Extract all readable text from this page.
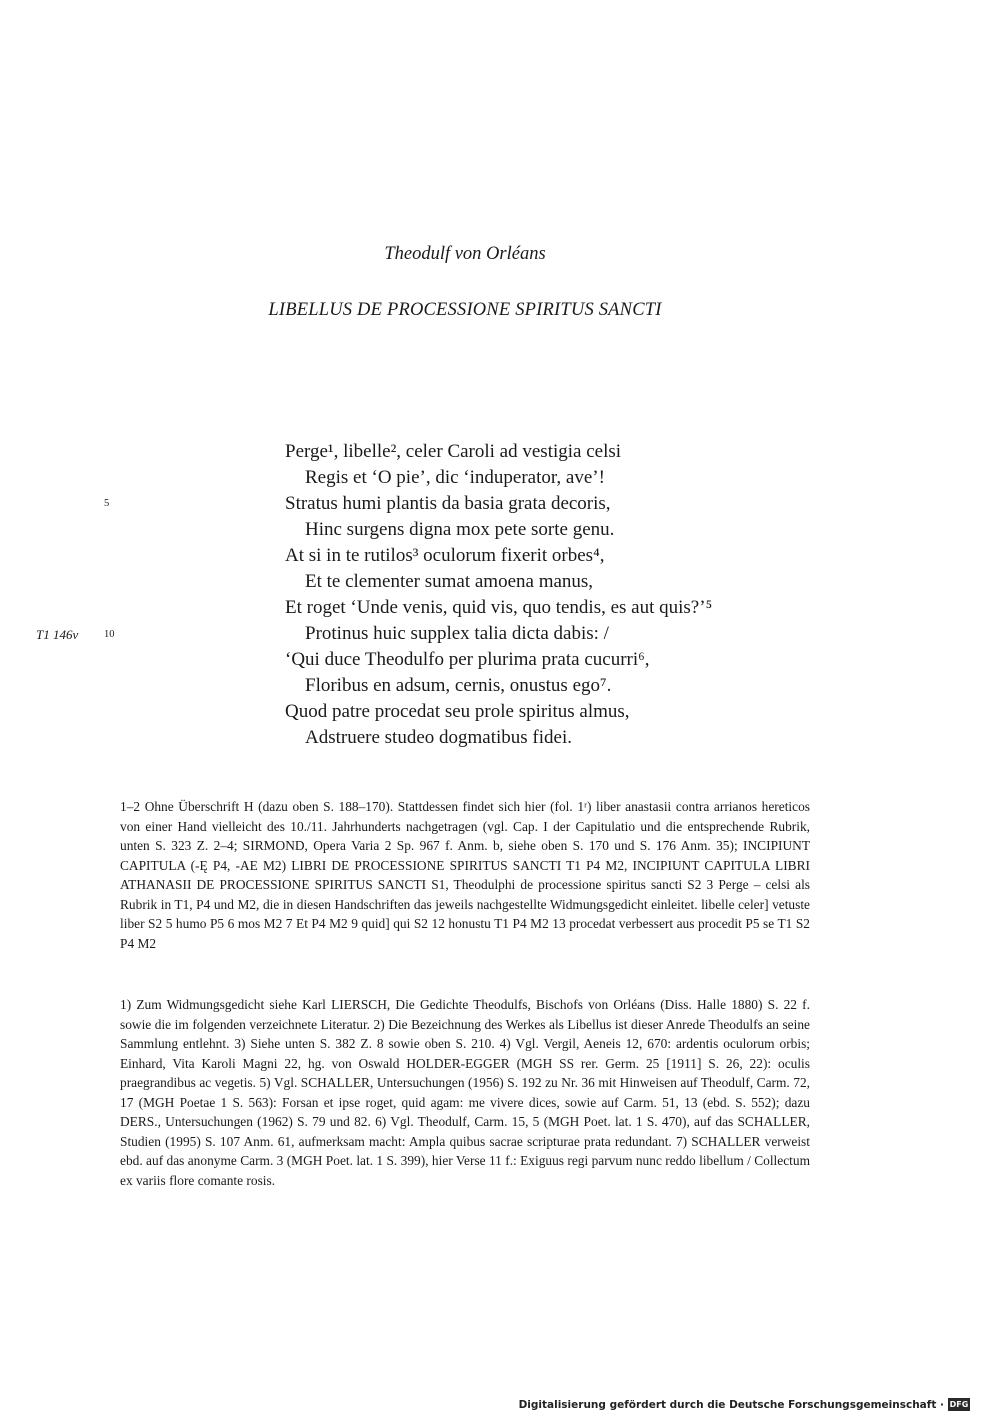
Theodulf von Orléans
LIBELLUS DE PROCESSIONE SPIRITUS SANCTI
5
T1 146v 10
Perge¹, libelle², celer Caroli ad vestigia celsi
Regis et ‘O pie’, dic ‘induperator, ave’!
Stratus humi plantis da basia grata decoris,
Hinc surgens digna mox pete sorte genu.
At si in te rutilos³ oculorum fixerit orbes⁴,
Et te clementer sumat amoena manus,
Et roget ‘Unde venis, quid vis, quo tendis, es aut quis?’⁵
Protinus huic supplex talia dicta dabis: /
‘Qui duce Theodulfo per plurima prata cucurri⁶,
Floribus en adsum, cernis, onustus ego⁷.
Quod patre procedat seu prole spiritus almus,
Adstruere studeo dogmatibus fidei.
1–2 Ohne Überschrift H (dazu oben S. 188–170). Stattdessen findet sich hier (fol. 1ʳ) liber anastasii contra arrianos hereticos von einer Hand vielleicht des 10./11. Jahrhunderts nachgetragen (vgl. Cap. I der Capitulatio und die entsprechende Rubrik, unten S. 323 Z. 2–4; SIRMOND, Opera Varia 2 Sp. 967 f. Anm. b, siehe oben S. 170 und S. 176 Anm. 35); INCIPIUNT CAPITULA (-Ę P4, -AE M2) LIBRI DE PROCESSIONE SPIRITUS SANCTI T1 P4 M2, INCIPIUNT CAPITULA LIBRI ATHANASII DE PROCESSIONE SPIRITUS SANCTI S1, Theodulphi de processione spiritus sancti S2 3 Perge – celsi als Rubrik in T1, P4 und M2, die in diesen Handschriften das jeweils nachgestellte Widmungsgedicht einleitet. libelle celer] vetuste liber S2 5 humo P5 6 mos M2 7 Et P4 M2 9 quid] qui S2 12 honustu T1 P4 M2 13 procedat verbessert aus procedit P5 se T1 S2 P4 M2
1) Zum Widmungsgedicht siehe Karl LIERSCH, Die Gedichte Theodulfs, Bischofs von Orléans (Diss. Halle 1880) S. 22 f. sowie die im folgenden verzeichnete Literatur. 2) Die Bezeichnung des Werkes als Libellus ist dieser Anrede Theodulfs an seine Sammlung entlehnt. 3) Siehe unten S. 382 Z. 8 sowie oben S. 210. 4) Vgl. Vergil, Aeneis 12, 670: ardentis oculorum orbis; Einhard, Vita Karoli Magni 22, hg. von Oswald HOLDER-EGGER (MGH SS rer. Germ. 25 [1911] S. 26, 22): oculis praegrandibus ac vegetis. 5) Vgl. SCHALLER, Untersuchungen (1956) S. 192 zu Nr. 36 mit Hinweisen auf Theodulf, Carm. 72, 17 (MGH Poetae 1 S. 563): Forsan et ipse roget, quid agam: me vivere dices, sowie auf Carm. 51, 13 (ebd. S. 552); dazu DERS., Untersuchungen (1962) S. 79 und 82. 6) Vgl. Theodulf, Carm. 15, 5 (MGH Poet. lat. 1 S. 470), auf das SCHALLER, Studien (1995) S. 107 Anm. 61, aufmerksam macht: Ampla quibus sacrae scripturae prata redundant. 7) SCHALLER verweist ebd. auf das anonyme Carm. 3 (MGH Poet. lat. 1 S. 399), hier Verse 11 f.: Exiguus regi parvum nunc reddo libellum / Collectum ex variis flore comante rosis.
Digitalisierung gefördert durch die Deutsche Forschungsgemeinschaft · DFG
